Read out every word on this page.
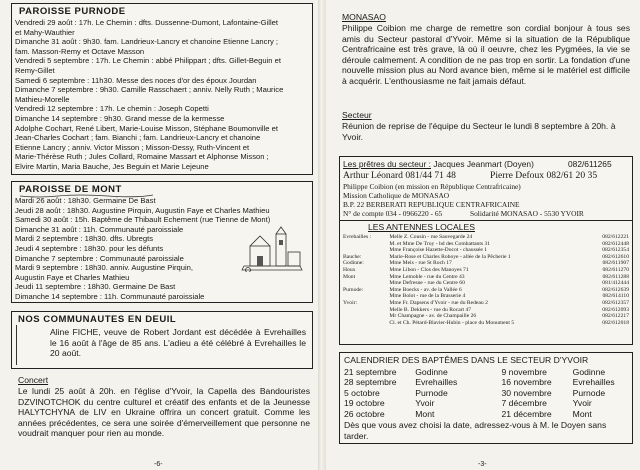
PAROISSE PURNODE
Vendredi 29 août : 17h. Le Chemin : dfts. Dussenne-Dumont, Lafontaine-Gillet
et Mahy-Wauthier
Dimanche 31 août : 9h30. fam. Landrieux-Lancry et chanoine Etienne Lancry ;
fam. Masson-Remy et Octave Masson
Vendredi 5 septembre : 17h. Le Chemin : abbé Philippart ; dfts. Gillet-Beguin et
Remy-Gillet
Samedi 6 septembre : 11h30. Messe des noces d'or des époux Jourdan
Dimanche 7 septembre : 9h30. Camille Rasschaert ; anniv. Nelly Ruth ; Maurice
Mathieu-Morelle
Vendredi 12 septembre : 17h. Le chemin : Joseph Copetti
Dimanche 14 septembre : 9h30. Grand messe de la kermesse
Adolphe Cochart, René Libert, Marie-Louise Misson, Stéphane Boumonville et
Jean-Charles Cochart ; fam. Bianchi ; fam. Landrieux-Lancry et chanoine
Etienne Lancry ; anniv. Victor Misson ; Misson-Dessy, Ruth-Vincent et
Marie-Thérèse Ruth ; Jules Collard, Romaine Massart et Alphonse Misson ;
Elvire Martin, Maria Bauche, Jes Beguin et Marie Lejeune
PAROISSE DE MONT
Mardi 26 août : 18h30. Germaine De Bast
Jeudi 28 août : 18h30. Augustine Pirquin, Augustin Faye et Charles Mathieu
Samedi 30 août : 15h. Baptême de Thibault Echement (rue Tienne de Mont)
Dimanche 31 août : 11h. Communauté paroissiale
Mardi 2 septembre : 18h30. dfts. Ubregts
Jeudi 4 septembre : 18h30. pour les défunts
Dimanche 7 septembre : Communauté paroissiale
Mardi 9 septembre : 18h30. anniv. Augustine Pirquin,
Augustin Faye et Charles Mathieu
Jeudi 11 septembre : 18h30. Germaine De Bast
Dimanche 14 septembre : 11h. Communauté paroissiale
NOS COMMUNAUTES EN DEUIL
Aline FICHE, veuve de Robert Jordant est décédée à Evrehailles le 16 août à l'âge de 85 ans. L'adieu a été célébré à Evrehailles le 20 août.
Concert
Le lundi 25 août à 20h. en l'église d'Yvoir, la Capella des Bandouristes DZVINOTCHOK du centre culturel et créatif des enfants et de la Jeunesse HALYTCHYNA de LIV en Ukraine offrira un concert gratuit. Comme les années précédentes, ce sera une soirée d'émerveillement que personne ne voudrait manquer pour rien au monde.
-6-
MONASAO
Philippe Coibion me charge de remettre son cordial bonjour à tous ses amis du Secteur pastoral d'Yvoir. Même si la situation de la République Centrafricaine est très grave, là où il oeuvre, chez les Pygmées, la vie se déroule calmement. A condition de ne pas trop en sortir. La fondation d'une nouvelle mission plus au Nord avance bien, même si le matériel est difficile à acquérir. L'enthousiasme ne fait jamais défaut.
Secteur
Réunion de reprise de l'équipe du Secteur le lundi 8 septembre à 20h. à Yvoir.
Les prêtres du secteur : Jacques Jeanmart (Doyen)	082/611265
Arthur Léonard 081/44 71 48	Pierre Defoux 082/61 20 35
Philippe Coibion (en mission en République Centrafricaine)
Mission Catholique de MONASAO
B.P. 22 BERBERATI REPUBLIQUE CENTRAFRICAINE
N° de compte 034 - 0966220 - 65	Solidarité MONASAO - 5530 YVOIR
LES ANTENNES LOCALES
Evrehailles :	Melle Z. Cousin - rue Sauvegarde 24	082/612221
	M. et Mme De Troy - bd des Combattants 31	082/612448
	Mme Françoise Hazette-Docot - chaussée 1	082/612354
Bauche:	Marie-Rose et Charles Roboye - allée de la Pêcherie 1	082/612610
Godinne:	Mme Meis - rue St Roch 17	082/611907
Houx	Mme Libon - Clos des Manoyes 71	082/611270
Mont	Mme Lemoble - rue du Centre 43	082/611288
	Mme Defresne - rue du Centre 60	081/412444
Purnode:	Mme Boecks - av. de la Vallée 6	082/612639
	Mme Bolot - rue de la Brasserie 4	082/614110
Yvoir:	Mme Fr. Dapsens d'Yvoir - rue du Redeau 2	082/612357
	Melle B. Dekkers - rue du Rocart 47	082/612093
	Mr Champagne - av. de Champaille 26	082/612217
	Cl. et Ch. Pétard-Blavier-Hubin - place du Monument 5	082/612018
CALENDRIER DES BAPTÊMES DANS LE SECTEUR D'YVOIR
21 septembre	Godinne	9 novembre	Godinne
28 septembre	Evrehailles	16 novembre	Evrehailles
5 octobre	Purnode	30 novembre	Purnode
19 octobre	Yvoir	7 décembre	Yvoir
26 octobre	Mont	21 décembre	Mont
Dès que vous avez choisi la date, adressez-vous à M. le Doyen sans tarder.
-3-
